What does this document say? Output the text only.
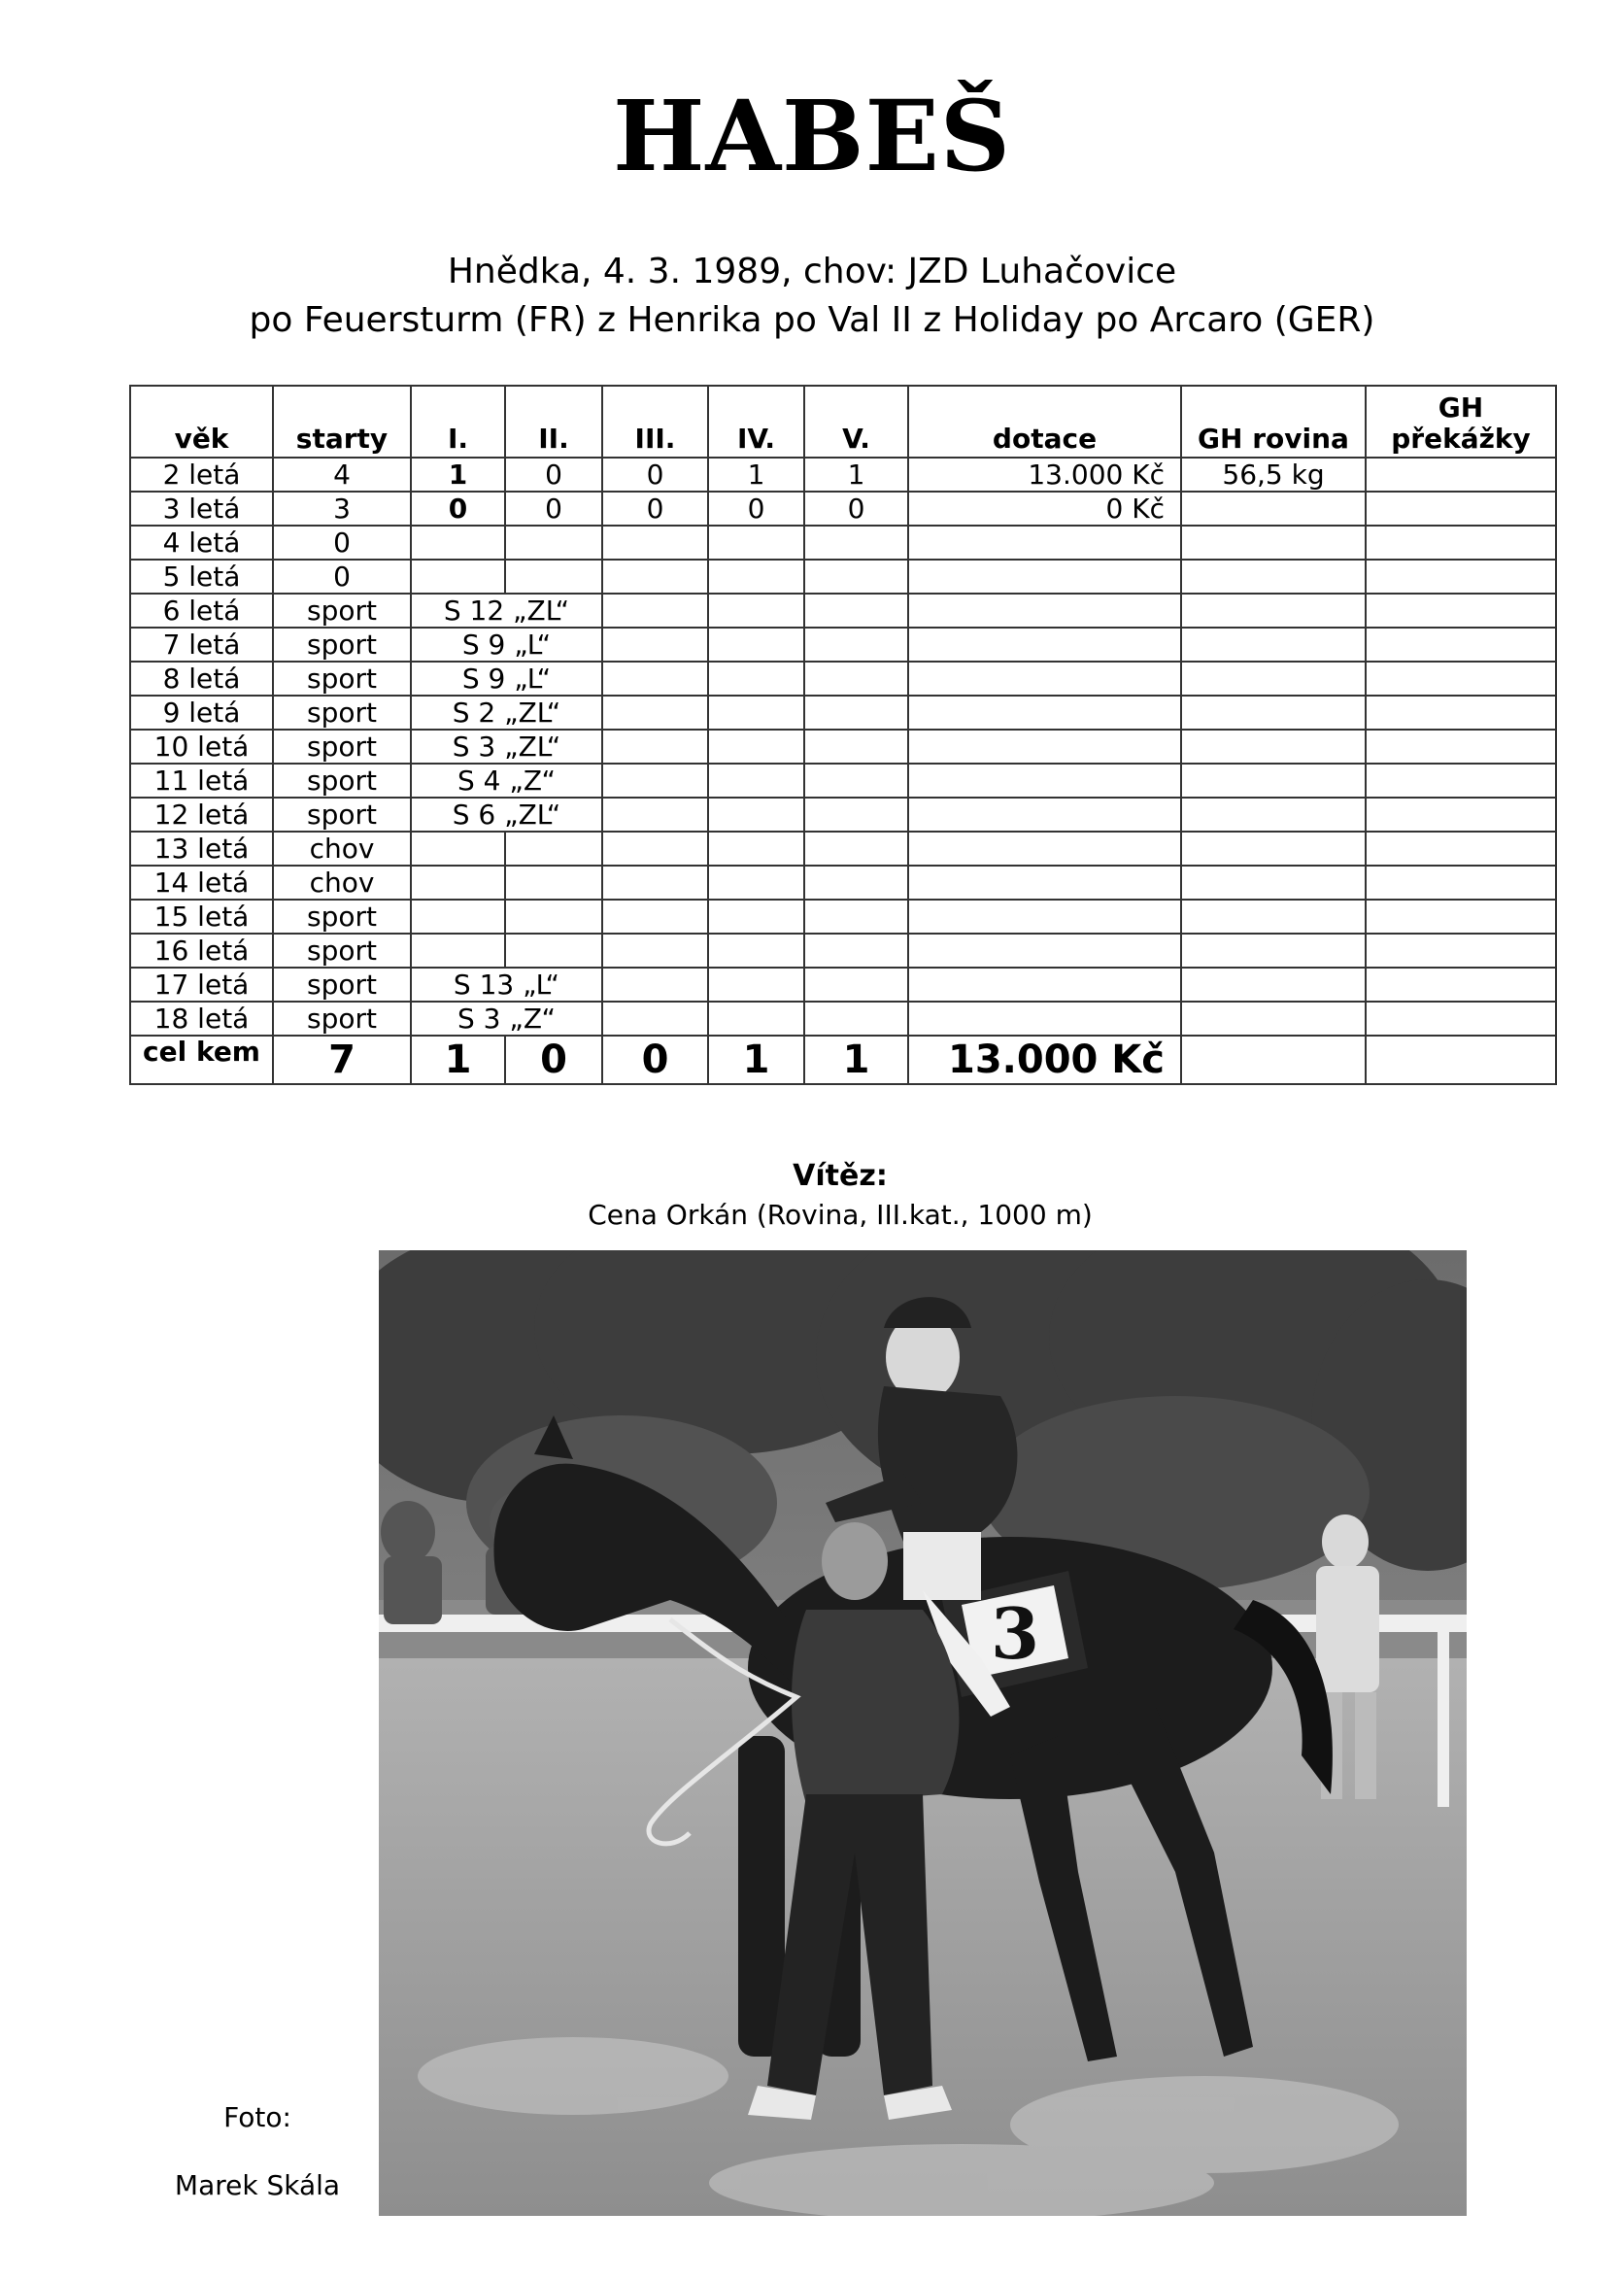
HABEŠ
Hnědka, 4. 3. 1989, chov: JZD Luhačovice
po Feuersturm (FR) z Henrika po Val II z Holiday po Arcaro (GER)
věk	starty	I.	II.	III.	IV.	V.	dotace	GH rovina	GH překážky
2 letá	4	1	0	0	1	1	13.000 Kč	56,5 kg	
3 letá	3	0	0	0	0	0	0 Kč		
4 letá	0								
5 letá	0								
6 letá	sport	S 12 „ZL“							
7 letá	sport	S 9 „L“							
8 letá	sport	S 9 „L“							
9 letá	sport	S 2 „ZL“							
10 letá	sport	S 3 „ZL“							
11 letá	sport	S 4 „Z“							
12 letá	sport	S 6 „ZL“							
13 letá	chov								
14 letá	chov								
15 letá	sport								
16 letá	sport								
17 letá	sport	S 13 „L“							
18 letá	sport	S 3 „Z“							
cel kem	7	1	0	0	1	1	13.000 Kč		
Vítěz:
Cena Orkán (Rovina, III.kat., 1000 m)
3
Foto:
Marek Skála
